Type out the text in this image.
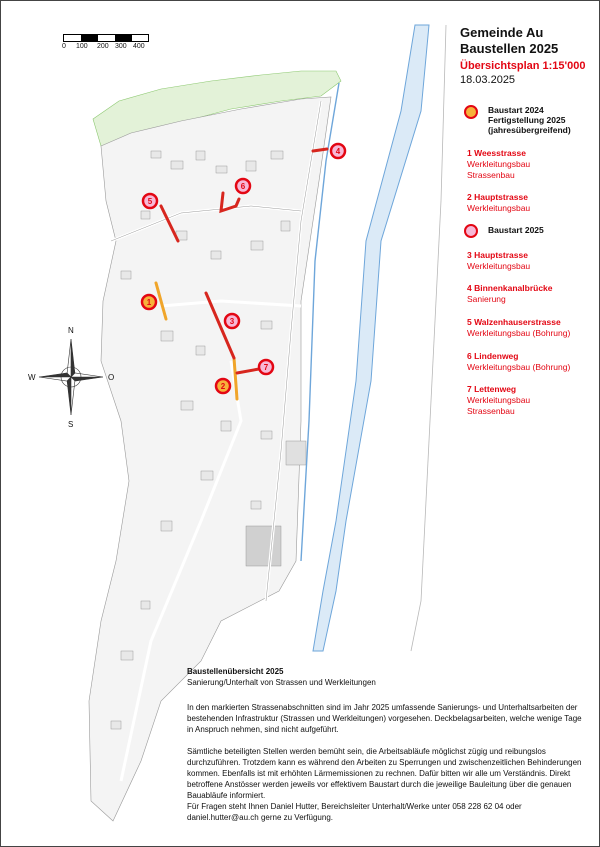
1
2
3
4
5
6
7
N
S
W	O
0 100 200 300 400
Gemeinde Au
Baustellen 2025
Übersichtsplan 1:15'000
18.03.2025
Baustart 2024
Fertigstellung 2025
(jahresübergreifend)
1 Weesstrasse
Werkleitungsbau
Strassenbau
2 Hauptstrasse
Werkleitungsbau
Baustart 2025
3 Hauptstrasse
Werkleitungsbau
4 Binnenkanalbrücke
Sanierung
5 Walzenhauserstrasse
Werkleitungsbau (Bohrung)
6 Lindenweg
Werkleitungsbau (Bohrung)
7 Lettenweg
Werkleitungsbau
Strassenbau

Baustellenübersicht 2025

Sanierung/Unterhalt von Strassen und Werkleitungen

In den markierten Strassenabschnitten sind im Jahr 2025 umfassende Sanierungs- und Unterhaltsarbeiten der bestehenden Infrastruktur (Strassen und Werkleitungen) vorgesehen. Deckbelagsarbeiten, welche wenige Tage in Anspruch nehmen, sind nicht aufgeführt.

Sämtliche beteiligten Stellen werden bemüht sein, die Arbeitsabläufe möglichst zügig und reibungslos durchzuführen. Trotzdem kann es während den Arbeiten zu Sperrungen und zwischenzeitlichen Behinderungen kommen. Ebenfalls ist mit erhöhten Lärmemissionen zu rechnen. Dafür bitten wir alle um Verständnis. Direkt betroffene Anstösser werden jeweils vor effektivem Baustart durch die jeweilige Bauleitung über die genauen Bauabläufe informiert.

Für Fragen steht Ihnen Daniel Hutter, Bereichsleiter Unterhalt/Werke unter 058 228 62 04 oder daniel.hutter@au.ch gerne zu Verfügung.
